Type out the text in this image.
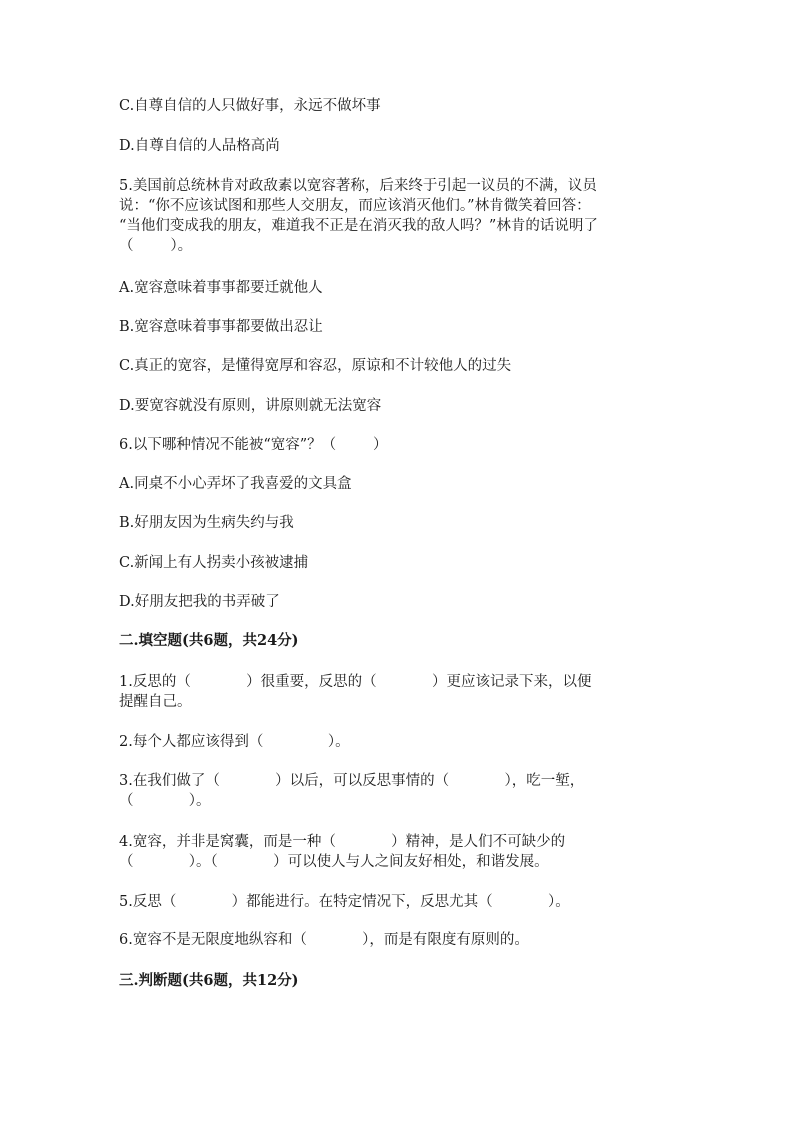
C.自尊自信的人只做好事，永远不做坏事
D.自尊自信的人品格高尚
5.美国前总统林肯对政敌素以宽容著称，后来终于引起一议员的不满，议员
说：“你不应该试图和那些人交朋友，而应该消灭他们。”林肯微笑着回答：
“当他们变成我的朋友，难道我不正是在消灭我的敌人吗？”林肯的话说明了
（        ）。
A.宽容意味着事事都要迁就他人
B.宽容意味着事事都要做出忍让
C.真正的宽容，是懂得宽厚和容忍，原谅和不计较他人的过失
D.要宽容就没有原则，讲原则就无法宽容
6.以下哪种情况不能被“宽容”？（        ）
A.同桌不小心弄坏了我喜爱的文具盒
B.好朋友因为生病失约与我
C.新闻上有人拐卖小孩被逮捕
D.好朋友把我的书弄破了
二.填空题(共6题，共24分)
1.反思的（            ）很重要，反思的（            ）更应该记录下来，以便
提醒自己。
2.每个人都应该得到（              ）。
3.在我们做了（            ）以后，可以反思事情的（            ），吃一堑，
（            ）。
4.宽容，并非是窝囊，而是一种（            ）精神，是人们不可缺少的
（            ）。（            ）可以使人与人之间友好相处，和谐发展。
5.反思（            ）都能进行。在特定情况下，反思尤其（            ）。
6.宽容不是无限度地纵容和（            ），而是有限度有原则的。
三.判断题(共6题，共12分)
